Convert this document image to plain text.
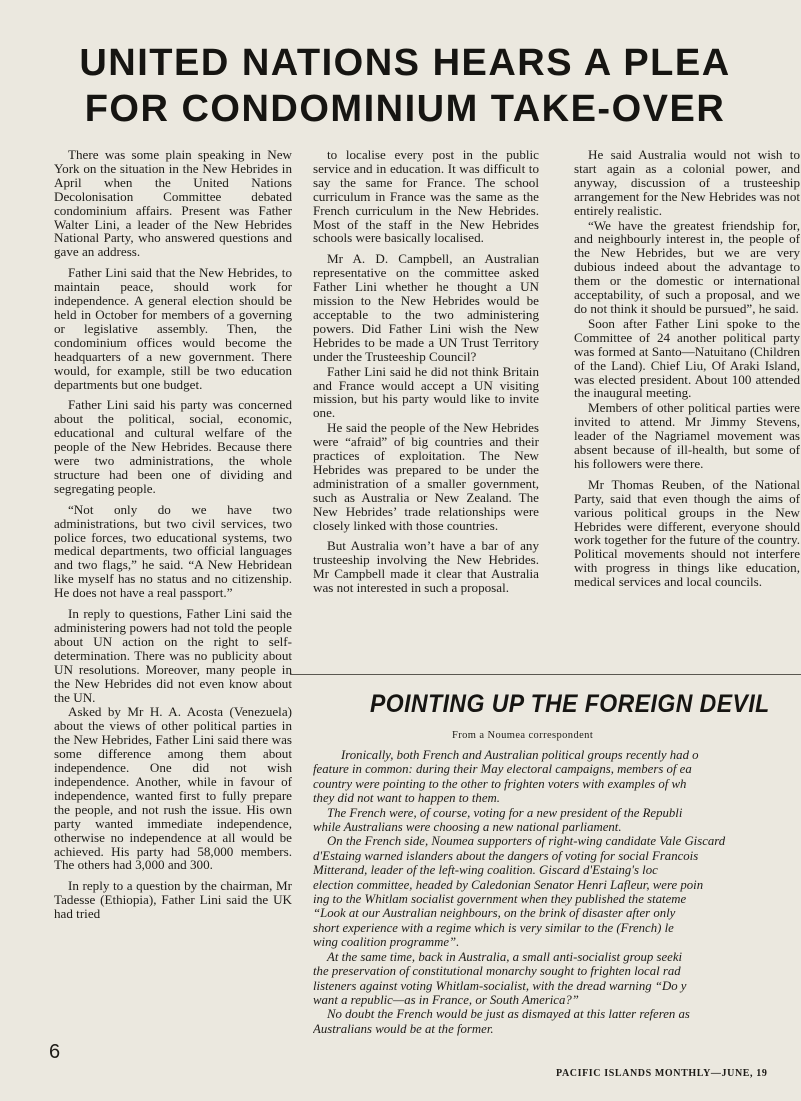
UNITED NATIONS HEARS A PLEA
FOR CONDOMINIUM TAKE-OVER

There was some plain speaking in New York on the situation in the New Hebrides in April when the United Nations Decolonisation Committee debated condominium affairs. Present was Father Walter Lini, a leader of the New Hebrides National Party, who answered questions and gave an address.

Father Lini said that the New Hebrides, to maintain peace, should work for independence. A general election should be held in October for members of a governing or legislative assembly. Then, the condominium offices would become the headquarters of a new government. There would, for example, still be two education departments but one budget.

Father Lini said his party was concerned about the political, social, economic, educational and cultural welfare of the people of the New Hebrides. Because there were two administrations, the whole structure had been one of dividing and segregating people.

“Not only do we have two administrations, but two civil services, two police forces, two educational systems, two medical departments, two official languages and two flags,” he said. “A New Hebridean like myself has no status and no citizenship. He does not have a real passport.”

In reply to questions, Father Lini said the administering powers had not told the people about UN action on the right to self-determination. There was no publicity about UN resolutions. Moreover, many people in the New Hebrides did not even know about the UN.

Asked by Mr H. A. Acosta (Venezuela) about the views of other political parties in the New Hebrides, Father Lini said there was some difference among them about independence. One did not wish independence. Another, while in favour of independence, wanted first to fully prepare the people, and not rush the issue. His own party wanted immediate independence, otherwise no independence at all would be achieved. His party had 58,000 members. The others had 3,000 and 300.

In reply to a question by the chairman, Mr Tadesse (Ethiopia), Father Lini said the UK had tried

to localise every post in the public service and in education. It was difficult to say the same for France. The school curriculum in France was the same as the French curriculum in the New Hebrides. Most of the staff in the New Hebrides schools were basically localised.

Mr A. D. Campbell, an Australian representative on the committee asked Father Lini whether he thought a UN mission to the New Hebrides would be acceptable to the two administering powers. Did Father Lini wish the New Hebrides to be made a UN Trust Territory under the Trusteeship Council?

Father Lini said he did not think Britain and France would accept a UN visiting mission, but his party would like to invite one.

He said the people of the New Hebrides were “afraid” of big countries and their practices of exploitation. The New Hebrides was prepared to be under the administration of a smaller government, such as Australia or New Zealand. The New Hebrides’ trade relationships were closely linked with those countries.

But Australia won’t have a bar of any trusteeship involving the New Hebrides. Mr Campbell made it clear that Australia was not interested in such a proposal.

He said Australia would not wish to start again as a colonial power, and anyway, discussion of a trusteeship arrangement for the New Hebrides was not entirely realistic.

“We have the greatest friendship for, and neighbourly interest in, the people of the New Hebrides, but we are very dubious indeed about the advantage to them or the domestic or international acceptability, of such a proposal, and we do not think it should be pursued”, he said.

Soon after Father Lini spoke to the Committee of 24 another political party was formed at Santo—Natuitano (Children of the Land). Chief Liu, Of Araki Island, was elected president. About 100 attended the inaugural meeting.

Members of other political parties were invited to attend. Mr Jimmy Stevens, leader of the Nagriamel movement was absent because of ill-health, but some of his followers were there.

Mr Thomas Reuben, of the National Party, said that even though the aims of various political groups in the New Hebrides were different, everyone should work together for the future of the country. Political movements should not interfere with progress in things like education, medical services and local councils.

POINTING UP THE FOREIGN DEVIL

From a Noumea correspondent

Ironically, both French and Australian political groups recently had o
feature in common: during their May electoral campaigns, members of ea
country were pointing to the other to frighten voters with examples of wh
they did not want to happen to them.

The French were, of course, voting for a new president of the Republi
while Australians were choosing a new national parliament.

On the French side, Noumea supporters of right-wing candidate Vale Giscard
d'Estaing warned islanders about the dangers of voting for social Francois
Mitterand, leader of the left-wing coalition. Giscard d'Estaing's loc
election committee, headed by Caledonian Senator Henri Lafleur, were poin
ing to the Whitlam socialist government when they published the stateme
“Look at our Australian neighbours, on the brink of disaster after only
short experience with a regime which is very similar to the (French) le
wing coalition programme”.

At the same time, back in Australia, a small anti-socialist group seeki
the preservation of constitutional monarchy sought to frighten local rad
listeners against voting Whitlam-socialist, with the dread warning “Do y
want a republic—as in France, or South America?”

No doubt the French would be just as dismayed at this latter referen as
Australians would be at the former.

6

PACIFIC ISLANDS MONTHLY—JUNE, 19
